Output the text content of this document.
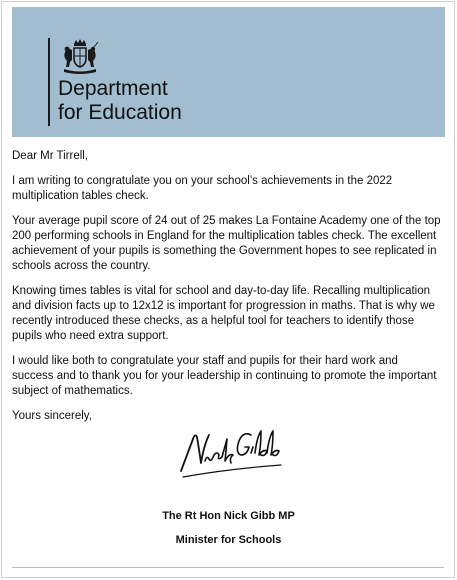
Department
for Education

Dear Mr Tirrell,

I am writing to congratulate you on your school’s achievements in the 2022 multiplication tables check.

Your average pupil score of 24 out of 25 makes La Fontaine Academy one of the top 200 performing schools in England for the multiplication tables check. The excellent achievement of your pupils is something the Government hopes to see replicated in schools across the country.

Knowing times tables is vital for school and day-to-day life. Recalling multiplication and division facts up to 12x12 is important for progression in maths. That is why we recently introduced these checks, as a helpful tool for teachers to identify those pupils who need extra support.

I would like both to congratulate your staff and pupils for their hard work and success and to thank you for your leadership in continuing to promote the important subject of mathematics.

Yours sincerely,

The Rt Hon Nick Gibb MP
Minister for Schools
